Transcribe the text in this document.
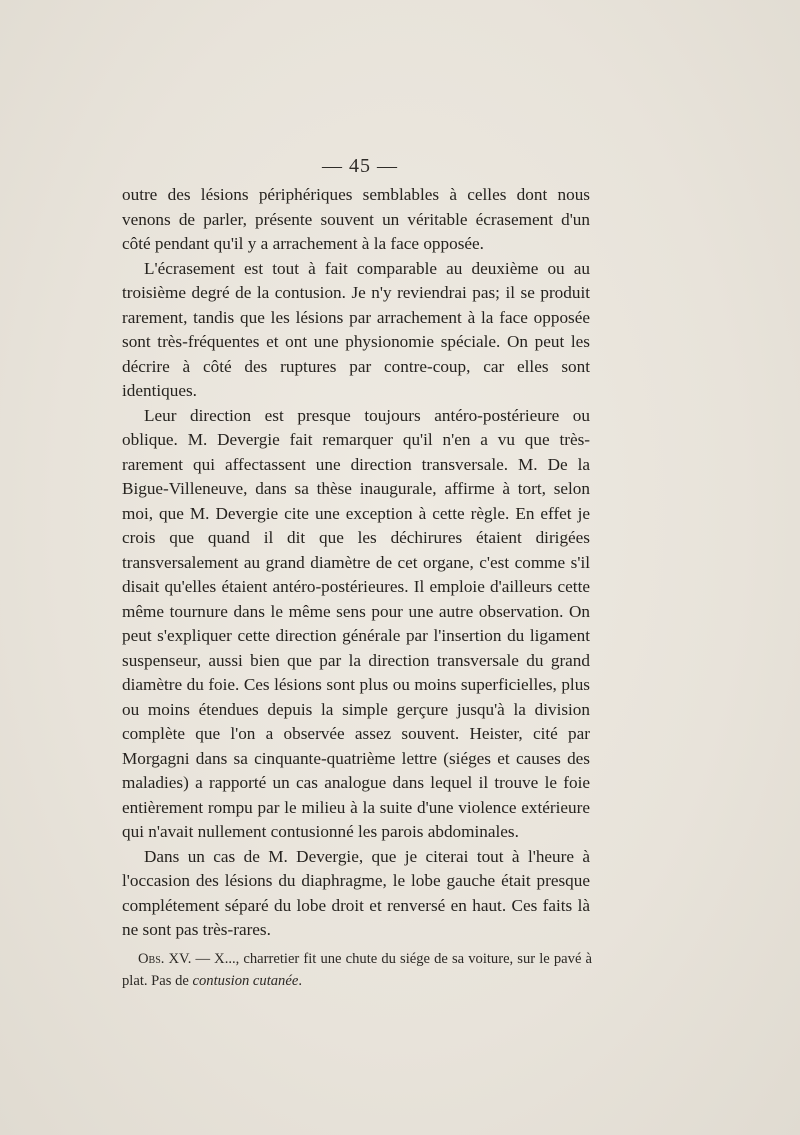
— 45 —

outre des lésions périphériques semblables à celles dont nous venons de parler, présente souvent un véritable écrasement d'un côté pendant qu'il y a arrachement à la face opposée.

L'écrasement est tout à fait comparable au deuxième ou au troisième degré de la contusion. Je n'y reviendrai pas; il se produit rarement, tandis que les lésions par arrachement à la face opposée sont très-fréquentes et ont une physionomie spéciale. On peut les décrire à côté des ruptures par contre-coup, car elles sont identiques.

Leur direction est presque toujours antéro-postérieure ou oblique. M. Devergie fait remarquer qu'il n'en a vu que très-rarement qui affectassent une direction transversale. M. De la Bigue-Villeneuve, dans sa thèse inaugurale, affirme à tort, selon moi, que M. Devergie cite une exception à cette règle. En effet je crois que quand il dit que les déchirures étaient dirigées transversalement au grand diamètre de cet organe, c'est comme s'il disait qu'elles étaient antéro-postérieures. Il emploie d'ailleurs cette même tournure dans le même sens pour une autre observation. On peut s'expliquer cette direction générale par l'insertion du ligament suspenseur, aussi bien que par la direction transversale du grand diamètre du foie. Ces lésions sont plus ou moins superficielles, plus ou moins étendues depuis la simple gerçure jusqu'à la division complète que l'on a observée assez souvent. Heister, cité par Morgagni dans sa cinquante-quatrième lettre (siéges et causes des maladies) a rapporté un cas analogue dans lequel il trouve le foie entièrement rompu par le milieu à la suite d'une violence extérieure qui n'avait nullement contusionné les parois abdominales.

Dans un cas de M. Devergie, que je citerai tout à l'heure à l'occasion des lésions du diaphragme, le lobe gauche était presque complétement séparé du lobe droit et renversé en haut. Ces faits là ne sont pas très-rares.

Obs. XV. — X..., charretier fit une chute du siége de sa voiture, sur le pavé à plat. Pas de contusion cutanée.
